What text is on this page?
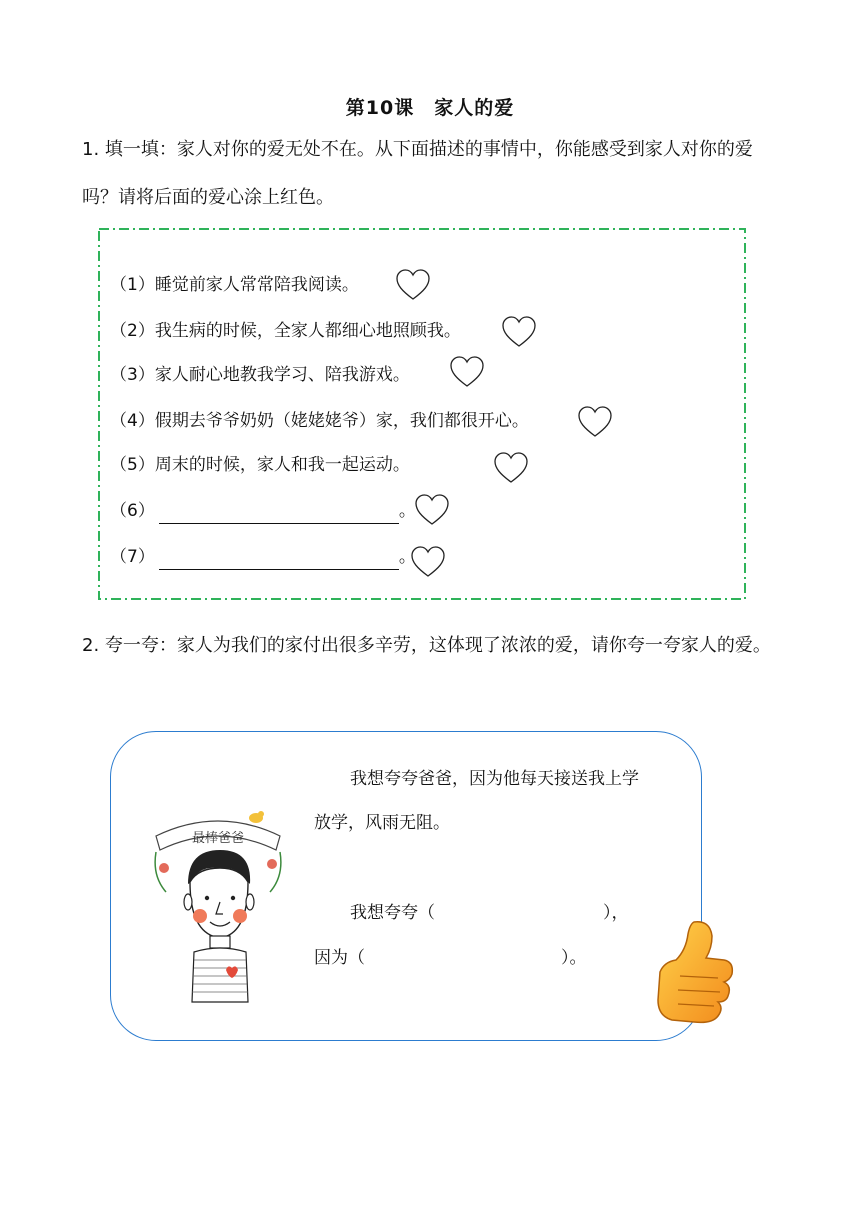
第10课　家人的爱
1. 填一填：家人对你的爱无处不在。从下面描述的事情中，你能感受到家人对你的爱吗？请将后面的爱心涂上红色。
（1）睡觉前家人常常陪我阅读。
（2）我生病的时候，全家人都细心地照顾我。
（3）家人耐心地教我学习、陪我游戏。
（4）假期去爷爷奶奶（姥姥姥爷）家，我们都很开心。
（5）周末的时候，家人和我一起运动。
（6）	。
（7）	。
2. 夸一夸：家人为我们的家付出很多辛劳，这体现了浓浓的爱，请你夸一夸家人的爱。
我想夸夸爸爸，因为他每天接送我上学
放学，风雨无阻。
我想夸夸（	），
因为（	）。
最棒爸爸
